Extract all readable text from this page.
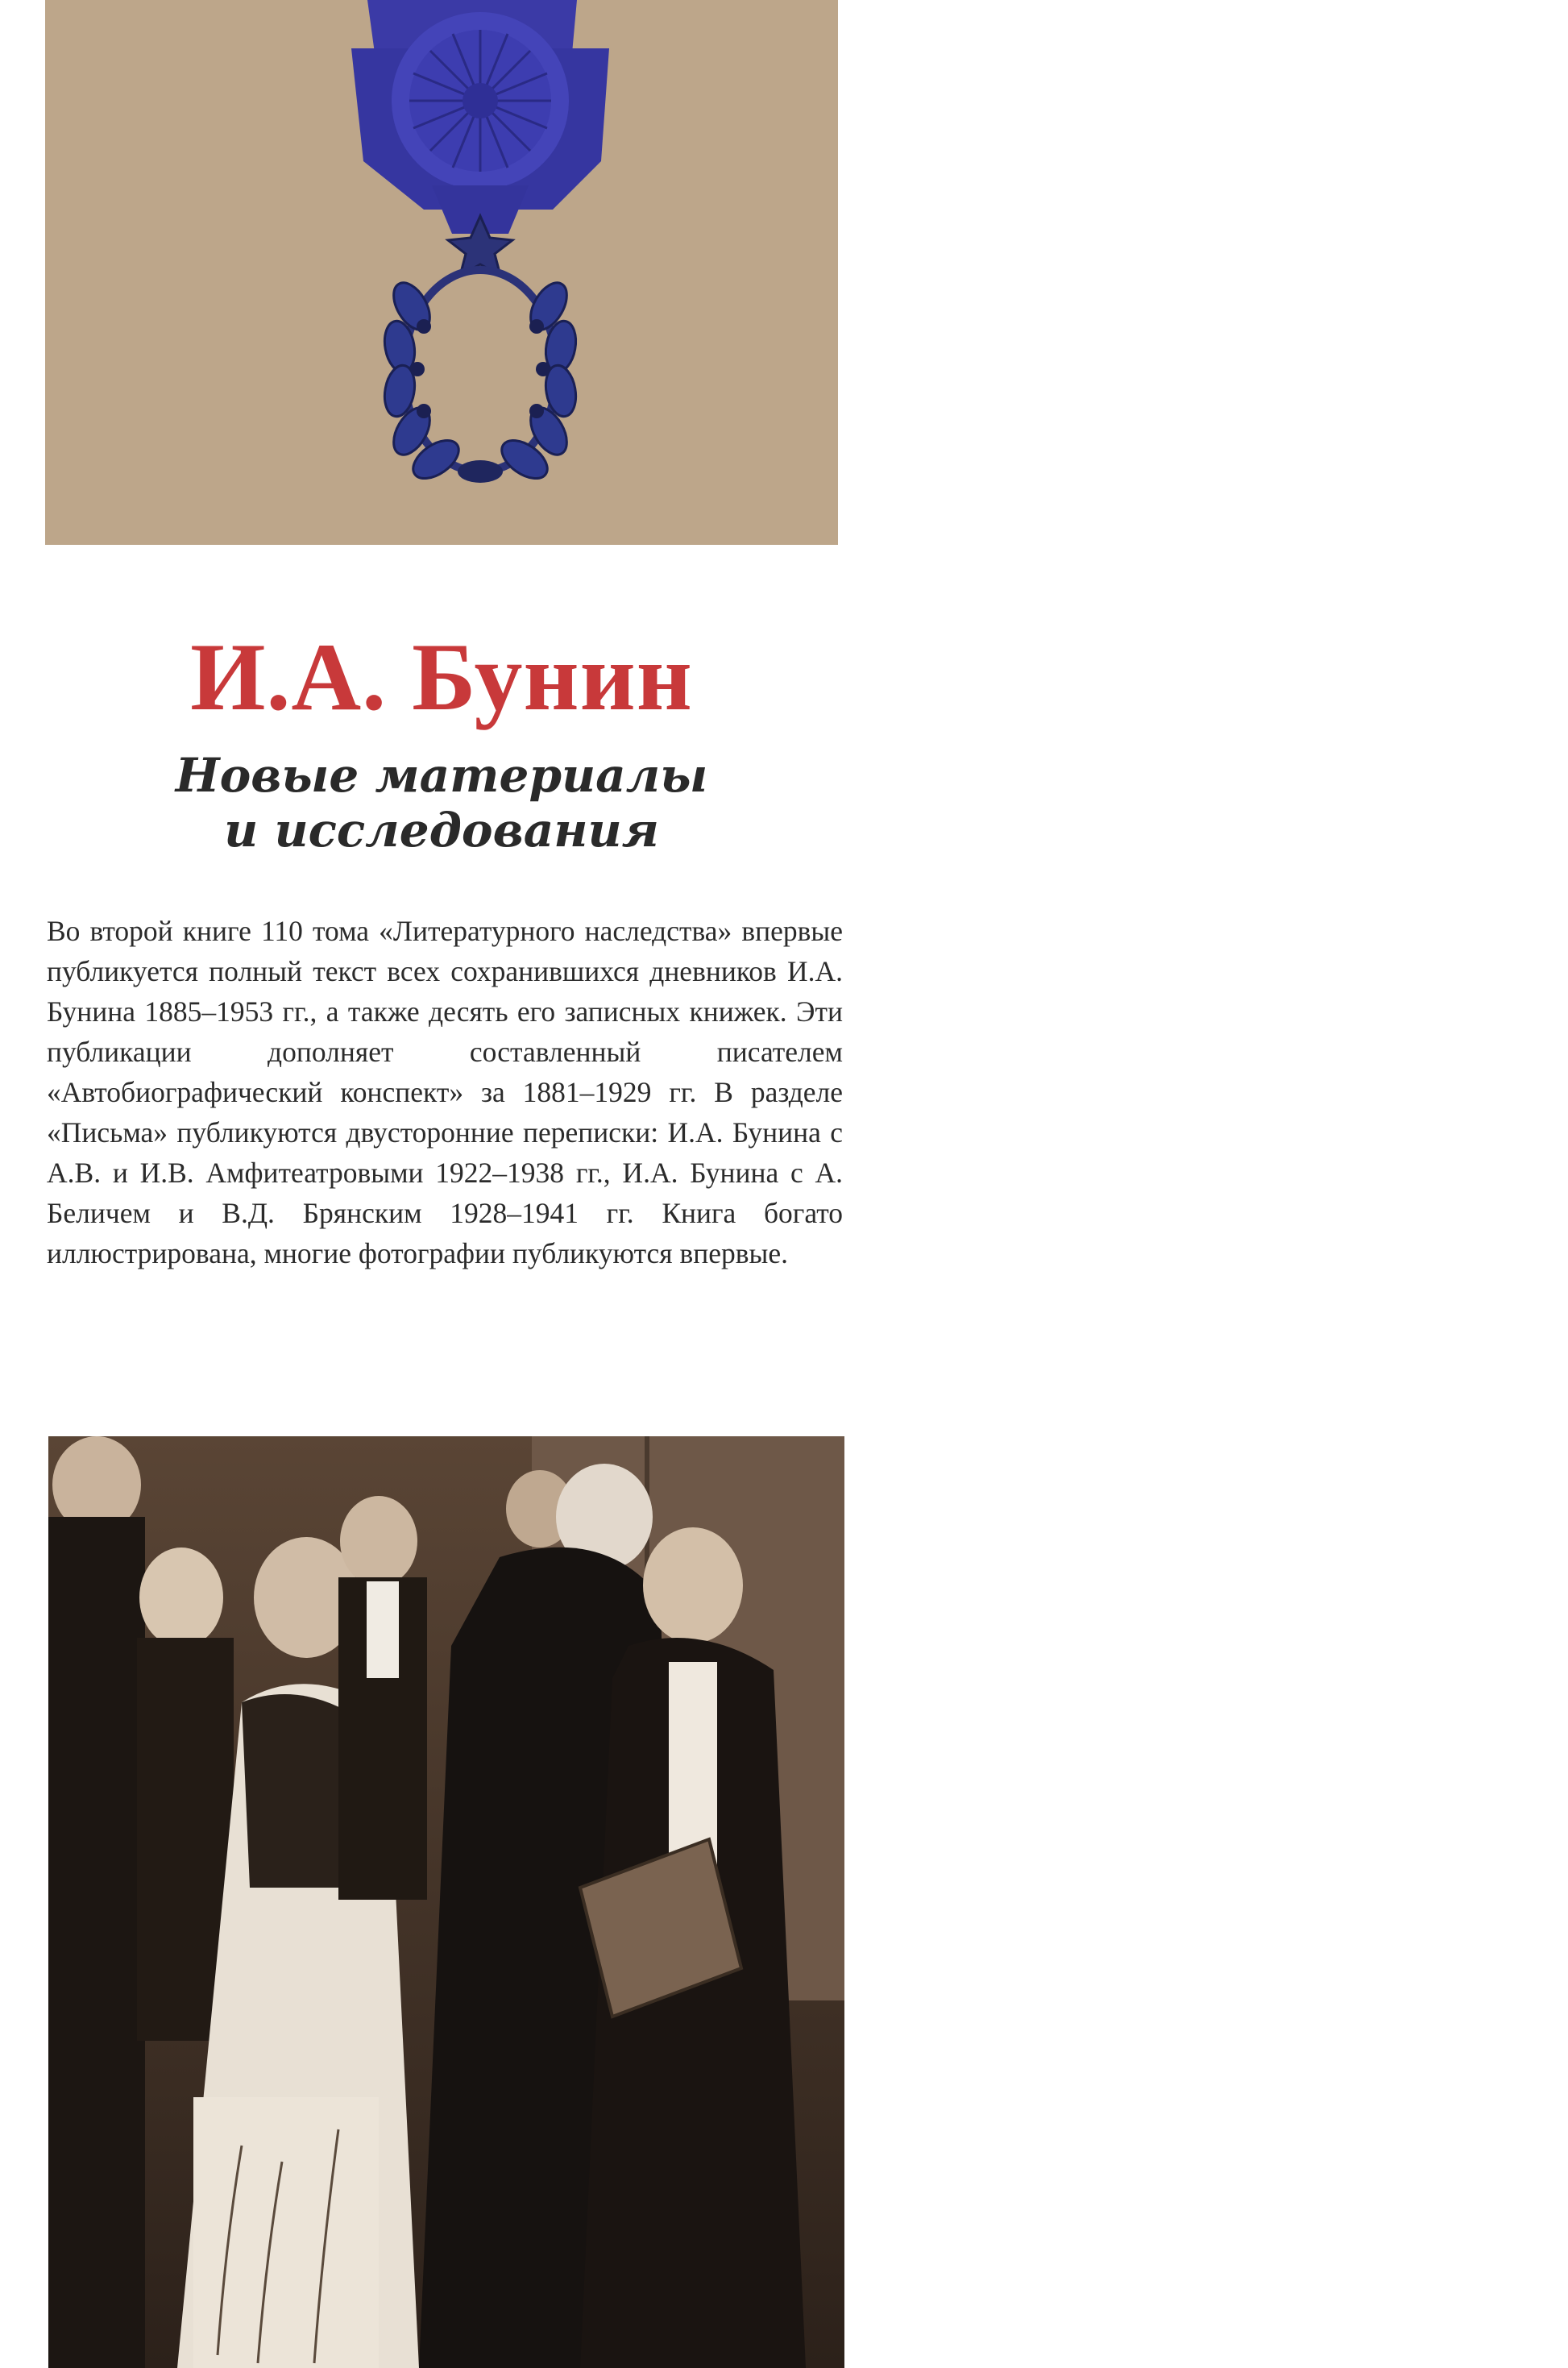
И.А. Бунин
Новые материалы
и исследования

Во второй книге 110 тома «Литературного наследства» впервые публикуется полный текст всех сохранившихся дневников И.А. Бунина 1885–1953 гг., а также десять его записных книжек. Эти публикации дополняет составленный писателем «Автобиографический конспект» за 1881–1929 гг. В разделе «Письма» публикуются двусторонние переписки: И.А. Бунина с А.В. и И.В. Амфитеатровыми 1922–1938 гг., И.А. Бунина с А. Беличем и В.Д. Брянским 1928–1941 гг. Книга богато иллюстрирована, многие фотографии публикуются впервые.
